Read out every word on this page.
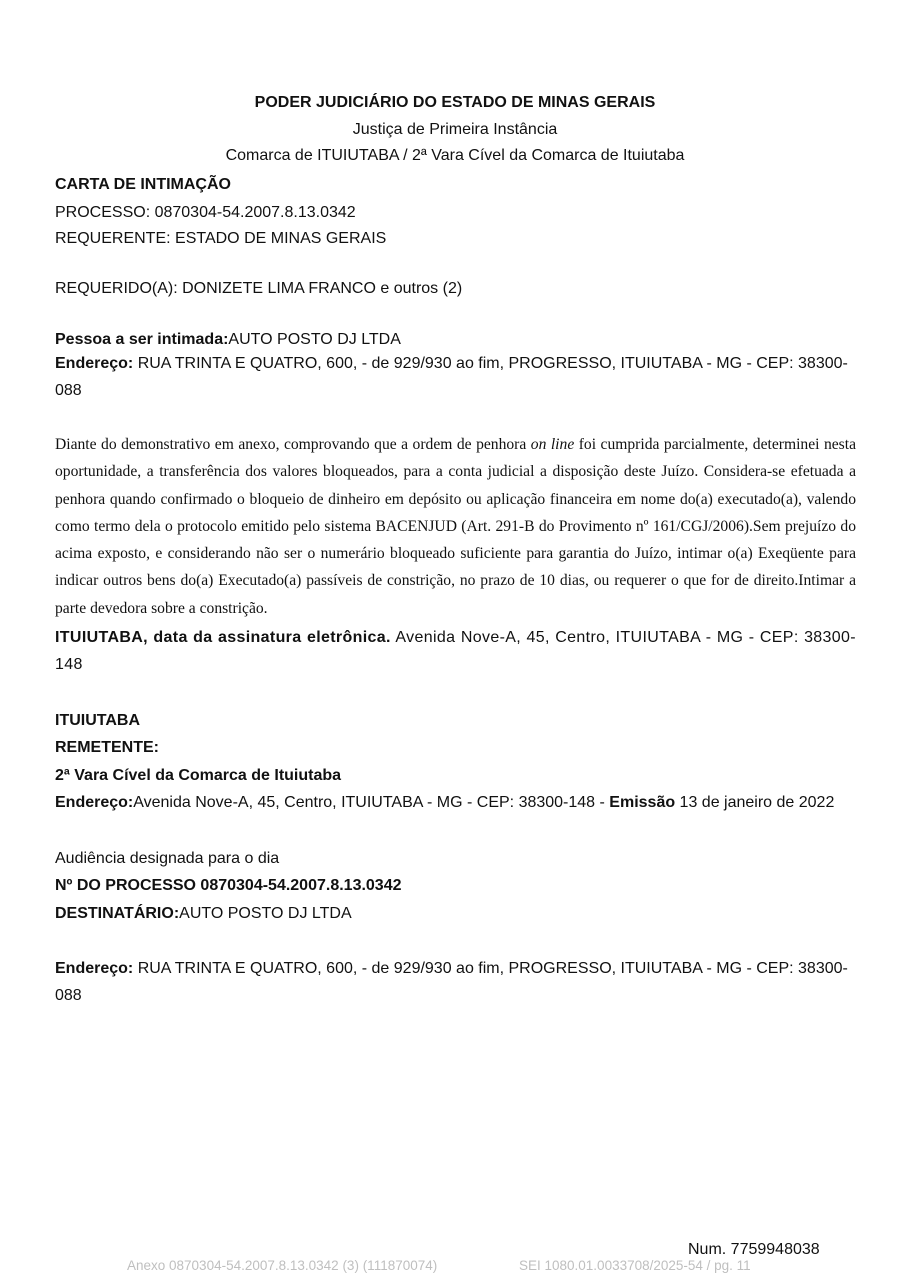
PODER JUDICIÁRIO DO ESTADO DE MINAS GERAIS
Justiça de Primeira Instância
Comarca de ITUIUTABA / 2ª Vara Cível da Comarca de Ituiutaba
CARTA DE INTIMAÇÃO
PROCESSO: 0870304-54.2007.8.13.0342
REQUERENTE: ESTADO DE MINAS GERAIS
REQUERIDO(A): DONIZETE LIMA FRANCO e outros (2)
Pessoa a ser intimada:AUTO POSTO DJ LTDA
Endereço: RUA TRINTA E QUATRO, 600, - de 929/930 ao fim, PROGRESSO, ITUIUTABA - MG - CEP: 38300-088
Diante do demonstrativo em anexo, comprovando que a ordem de penhora on line foi cumprida parcialmente, determinei nesta oportunidade, a transferência dos valores bloqueados, para a conta judicial a disposição deste Juízo. Considera-se efetuada a penhora quando confirmado o bloqueio de dinheiro em depósito ou aplicação financeira em nome do(a) executado(a), valendo como termo dela o protocolo emitido pelo sistema BACENJUD (Art. 291-B do Provimento nº 161/CGJ/2006).Sem prejuízo do acima exposto, e considerando não ser o numerário bloqueado suficiente para garantia do Juízo, intimar o(a) Exeqüente para indicar outros bens do(a) Executado(a) passíveis de constrição, no prazo de 10 dias, ou requerer o que for de direito.Intimar a parte devedora sobre a constrição.
ITUIUTABA, data da assinatura eletrônica. Avenida Nove-A, 45, Centro, ITUIUTABA - MG - CEP: 38300-148
ITUIUTABA
REMETENTE:
2ª Vara Cível da Comarca de Ituiutaba
Endereço:Avenida Nove-A, 45, Centro, ITUIUTABA - MG - CEP: 38300-148 - Emissão 13 de janeiro de 2022
Audiência designada para o dia
Nº DO PROCESSO 0870304-54.2007.8.13.0342
DESTINATÁRIO:AUTO POSTO DJ LTDA
Endereço: RUA TRINTA E QUATRO, 600, - de 929/930 ao fim, PROGRESSO, ITUIUTABA - MG - CEP: 38300-088
Num. 7759948038
Anexo 0870304-54.2007.8.13.0342 (3) (111870074)	SEI 1080.01.0033708/2025-54 / pg. 11
